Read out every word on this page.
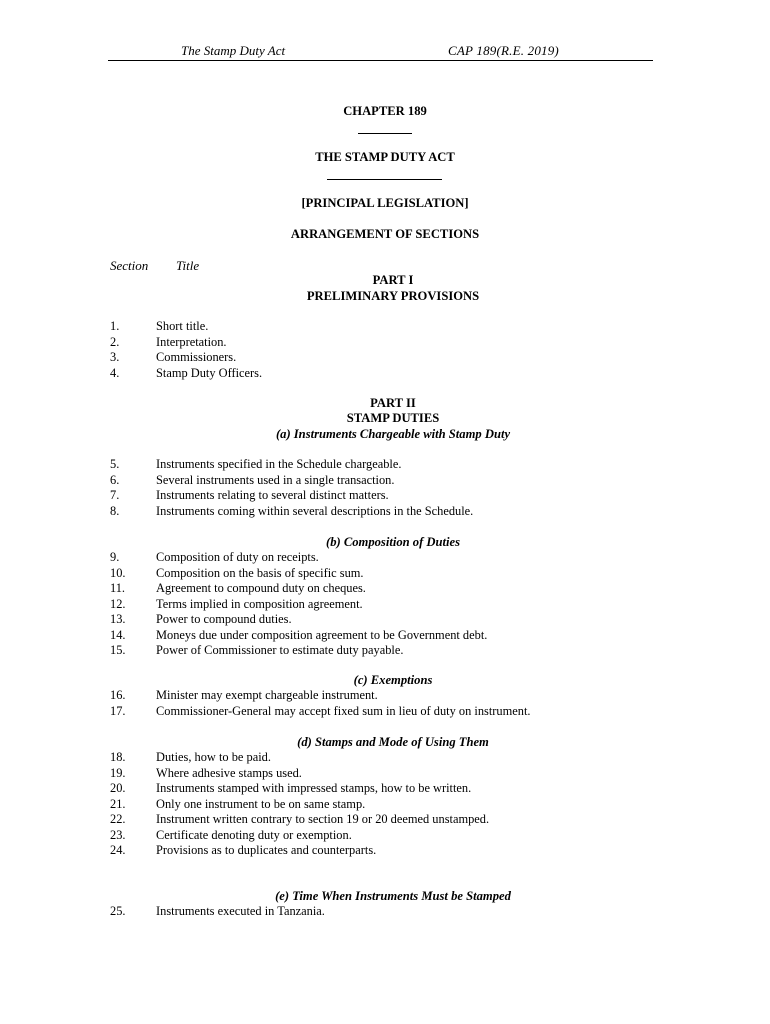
The Stamp Duty Act	CAP 189(R.E. 2019)
CHAPTER 189
THE STAMP DUTY ACT
[PRINCIPAL LEGISLATION]
ARRANGEMENT OF SECTIONS
Section Title
PART I
PRELIMINARY PROVISIONS
1.	Short title.
2.	Interpretation.
3.	Commissioners.
4.	Stamp Duty Officers.
PART II
STAMP DUTIES
(a) Instruments Chargeable with Stamp Duty
5.	Instruments specified in the Schedule chargeable.
6.	Several instruments used in a single transaction.
7.	Instruments relating to several distinct matters.
8.	Instruments coming within several descriptions in the Schedule.
(b) Composition of Duties
9.	Composition of duty on receipts.
10. Composition on the basis of specific sum.
11. Agreement to compound duty on cheques.
12. Terms implied in composition agreement.
13. Power to compound duties.
14. Moneys due under composition agreement to be Government debt.
15. Power of Commissioner to estimate duty payable.
(c) Exemptions
16. Minister may exempt chargeable instrument.
17. Commissioner-General may accept fixed sum in lieu of duty on instrument.
(d) Stamps and Mode of Using Them
18. Duties, how to be paid.
19. Where adhesive stamps used.
20. Instruments stamped with impressed stamps, how to be written.
21. Only one instrument to be on same stamp.
22. Instrument written contrary to section 19 or 20 deemed unstamped.
23. Certificate denoting duty or exemption.
24. Provisions as to duplicates and counterparts.
(e) Time When Instruments Must be Stamped
25. Instruments executed in Tanzania.
